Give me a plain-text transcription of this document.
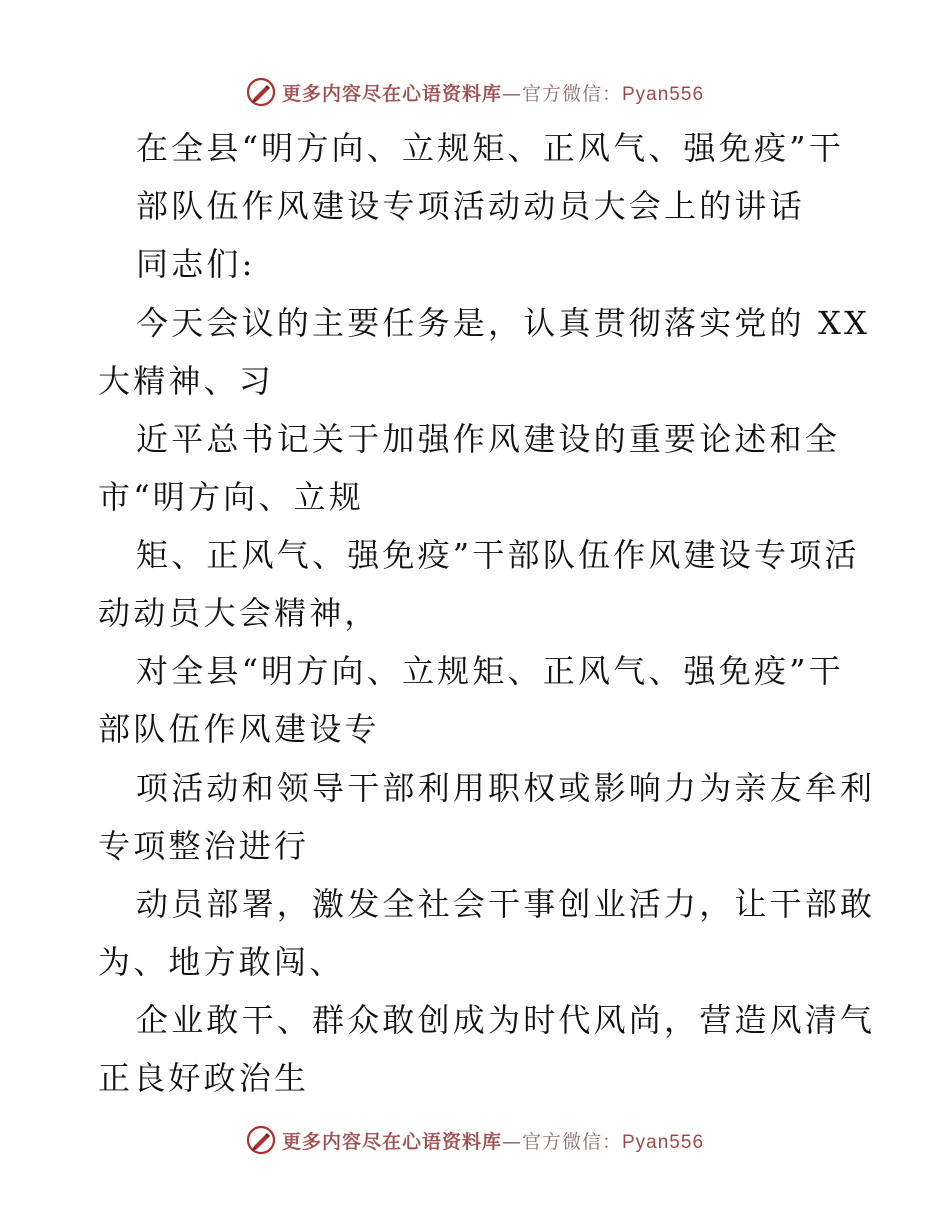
更多内容尽在心语资料库—官方微信：Pyan556
在全县“明方向、立规矩、正风气、强免疫”干
部队伍作风建设专项活动动员大会上的讲话
同志们:
今天会议的主要任务是，认真贯彻落实党的 XX
大精神、习
近平总书记关于加强作风建设的重要论述和全
市“明方向、立规
矩、正风气、强免疫”干部队伍作风建设专项活
动动员大会精神，
对全县“明方向、立规矩、正风气、强免疫”干
部队伍作风建设专
项活动和领导干部利用职权或影响力为亲友牟利
专项整治进行
动员部署，激发全社会干事创业活力，让干部敢
为、地方敢闯、
企业敢干、群众敢创成为时代风尚，营造风清气
正良好政治生
更多内容尽在心语资料库—官方微信：Pyan556
